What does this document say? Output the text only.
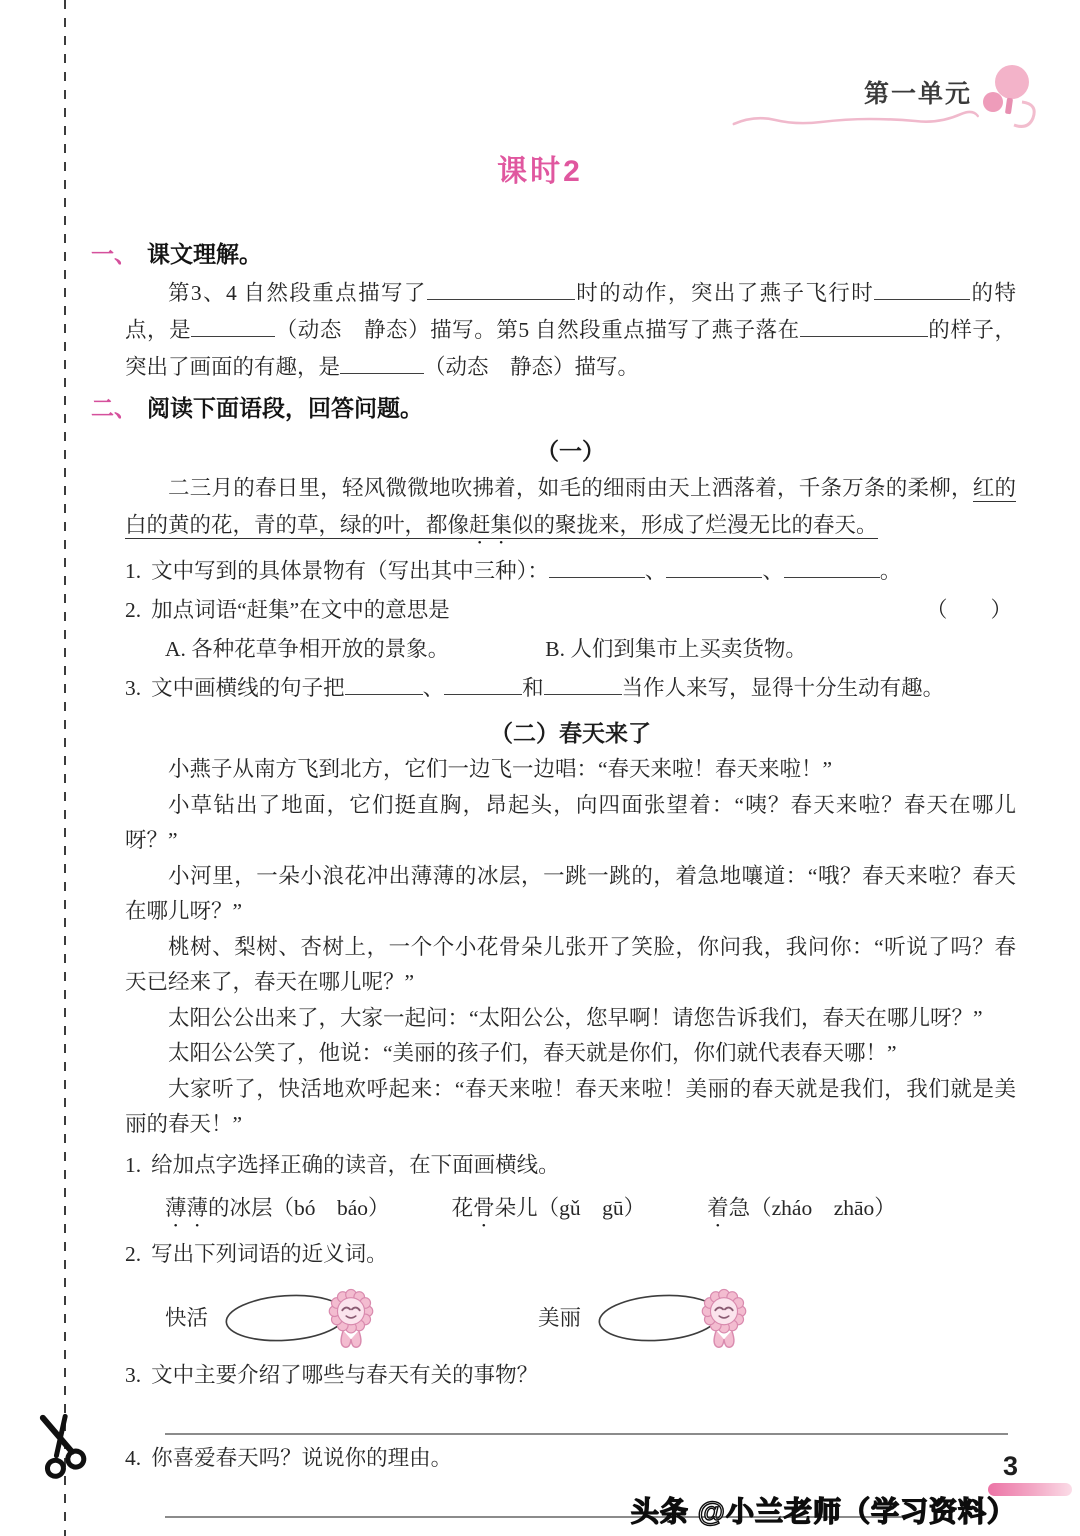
第一单元
课时2
一、 课文理解。

第3、4 自然段重点描写了	时的动作，突出了燕子飞行时	的特点，是	（动态　静态）描写。第5 自然段重点描写了燕子落在	的样子，突出了画面的有趣，是	（动态　静态）描写。

二、 阅读下面语段，回答问题。
（一）

二三月的春日里，轻风微微地吹拂着，如毛的细雨由天上洒落着，千条万条的柔柳，红的白的黄的花，青的草，绿的叶，都像赶集似的聚拢来，形成了烂漫无比的春天。

1. 文中写到的具体景物有（写出其中三种）：	、	、	。
2. 加点词语“赶集”在文中的意思是	（　　）
A. 各种花草争相开放的景象。	B. 人们到集市上买卖货物。
3. 文中画横线的句子把	、	和	当作人来写，显得十分生动有趣。
（二）春天来了

小燕子从南方飞到北方，它们一边飞一边唱：“春天来啦！春天来啦！”

小草钻出了地面，它们挺直胸，昂起头，向四面张望着：“咦？春天来啦？春天在哪儿呀？”

小河里，一朵小浪花冲出薄薄的冰层，一跳一跳的，着急地嚷道：“哦？春天来啦？春天在哪儿呀？”

桃树、梨树、杏树上，一个个小花骨朵儿张开了笑脸，你问我，我问你：“听说了吗？春天已经来了，春天在哪儿呢？”

太阳公公出来了，大家一起问：“太阳公公，您早啊！请您告诉我们，春天在哪儿呀？”

太阳公公笑了，他说：“美丽的孩子们，春天就是你们，你们就代表春天哪！”

大家听了，快活地欢呼起来：“春天来啦！春天来啦！美丽的春天就是我们，我们就是美丽的春天！”

1. 给加点字选择正确的读音，在下面画横线。
薄薄的冰层（bó　báo）	花骨朵儿（gǔ　gū）	着急（zháo　zhāo）
2. 写出下列词语的近义词。
快活	美丽
3. 文中主要介绍了哪些与春天有关的事物？
4. 你喜爱春天吗？说说你的理由。	3
头条 @小兰老师（学习资料）
